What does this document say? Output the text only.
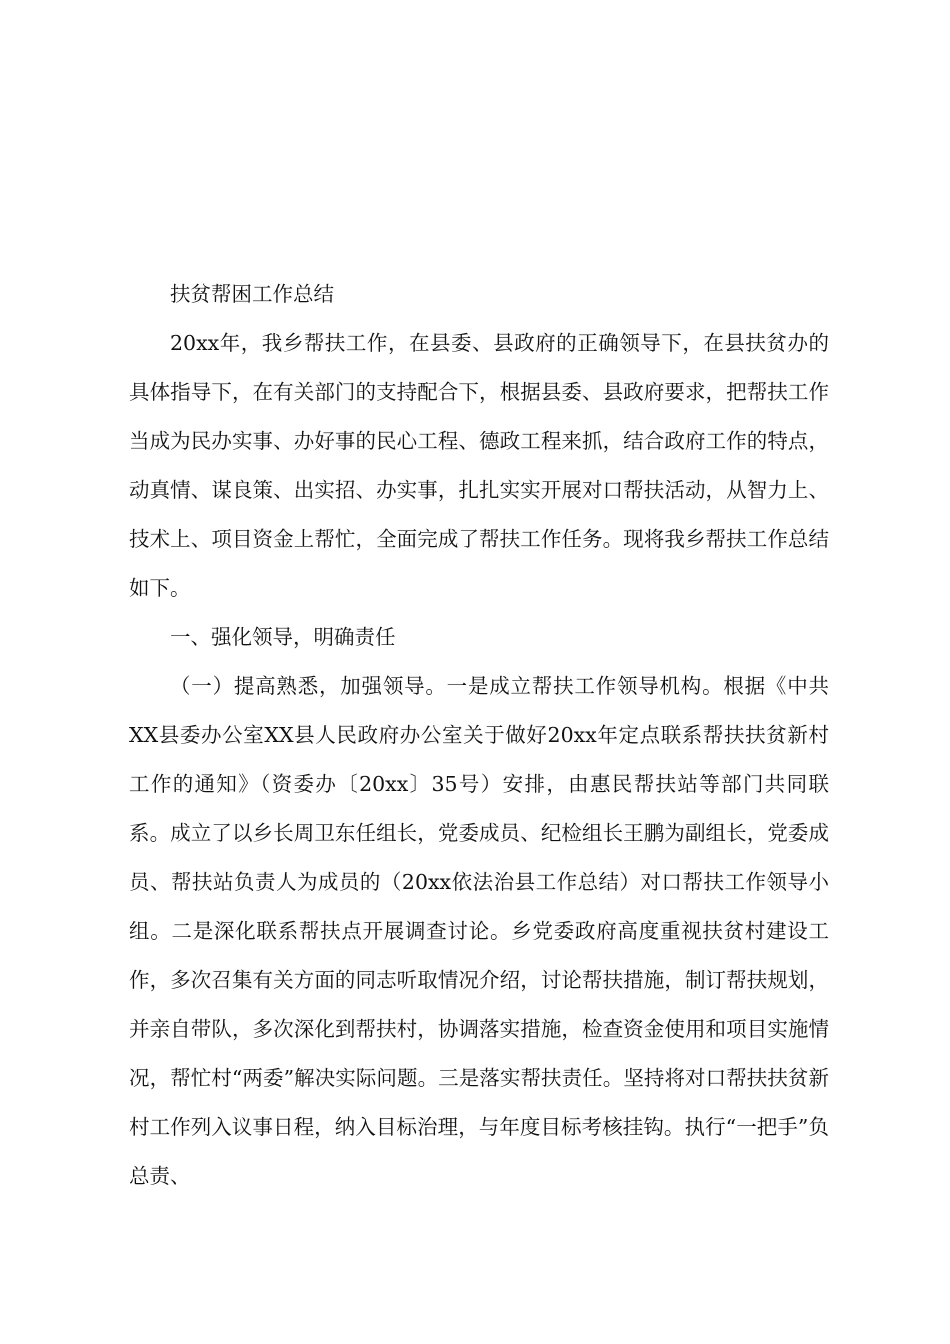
扶贫帮困工作总结

20xx年，我乡帮扶工作，在县委、县政府的正确领导下，在县扶贫办的具体指导下，在有关部门的支持配合下，根据县委、县政府要求，把帮扶工作当成为民办实事、办好事的民心工程、德政工程来抓，结合政府工作的特点，动真情、谋良策、出实招、办实事，扎扎实实开展对口帮扶活动，从智力上、技术上、项目资金上帮忙，全面完成了帮扶工作任务。现将我乡帮扶工作总结如下。

一、强化领导，明确责任

（一）提高熟悉，加强领导。一是成立帮扶工作领导机构。根据《中共XX县委办公室XX县人民政府办公室关于做好20xx年定点联系帮扶扶贫新村工作的通知》（资委办〔20xx〕35号）安排，由惠民帮扶站等部门共同联系。成立了以乡长周卫东任组长，党委成员、纪检组长王鹏为副组长，党委成员、帮扶站负责人为成员的（20xx依法治县工作总结）对口帮扶工作领导小组。二是深化联系帮扶点开展调查讨论。乡党委政府高度重视扶贫村建设工作，多次召集有关方面的同志听取情况介绍，讨论帮扶措施，制订帮扶规划，并亲自带队，多次深化到帮扶村，协调落实措施，检查资金使用和项目实施情况，帮忙村“两委”解决实际问题。三是落实帮扶责任。坚持将对口帮扶扶贫新村工作列入议事日程，纳入目标治理，与年度目标考核挂钩。执行“一把手”负总责、
